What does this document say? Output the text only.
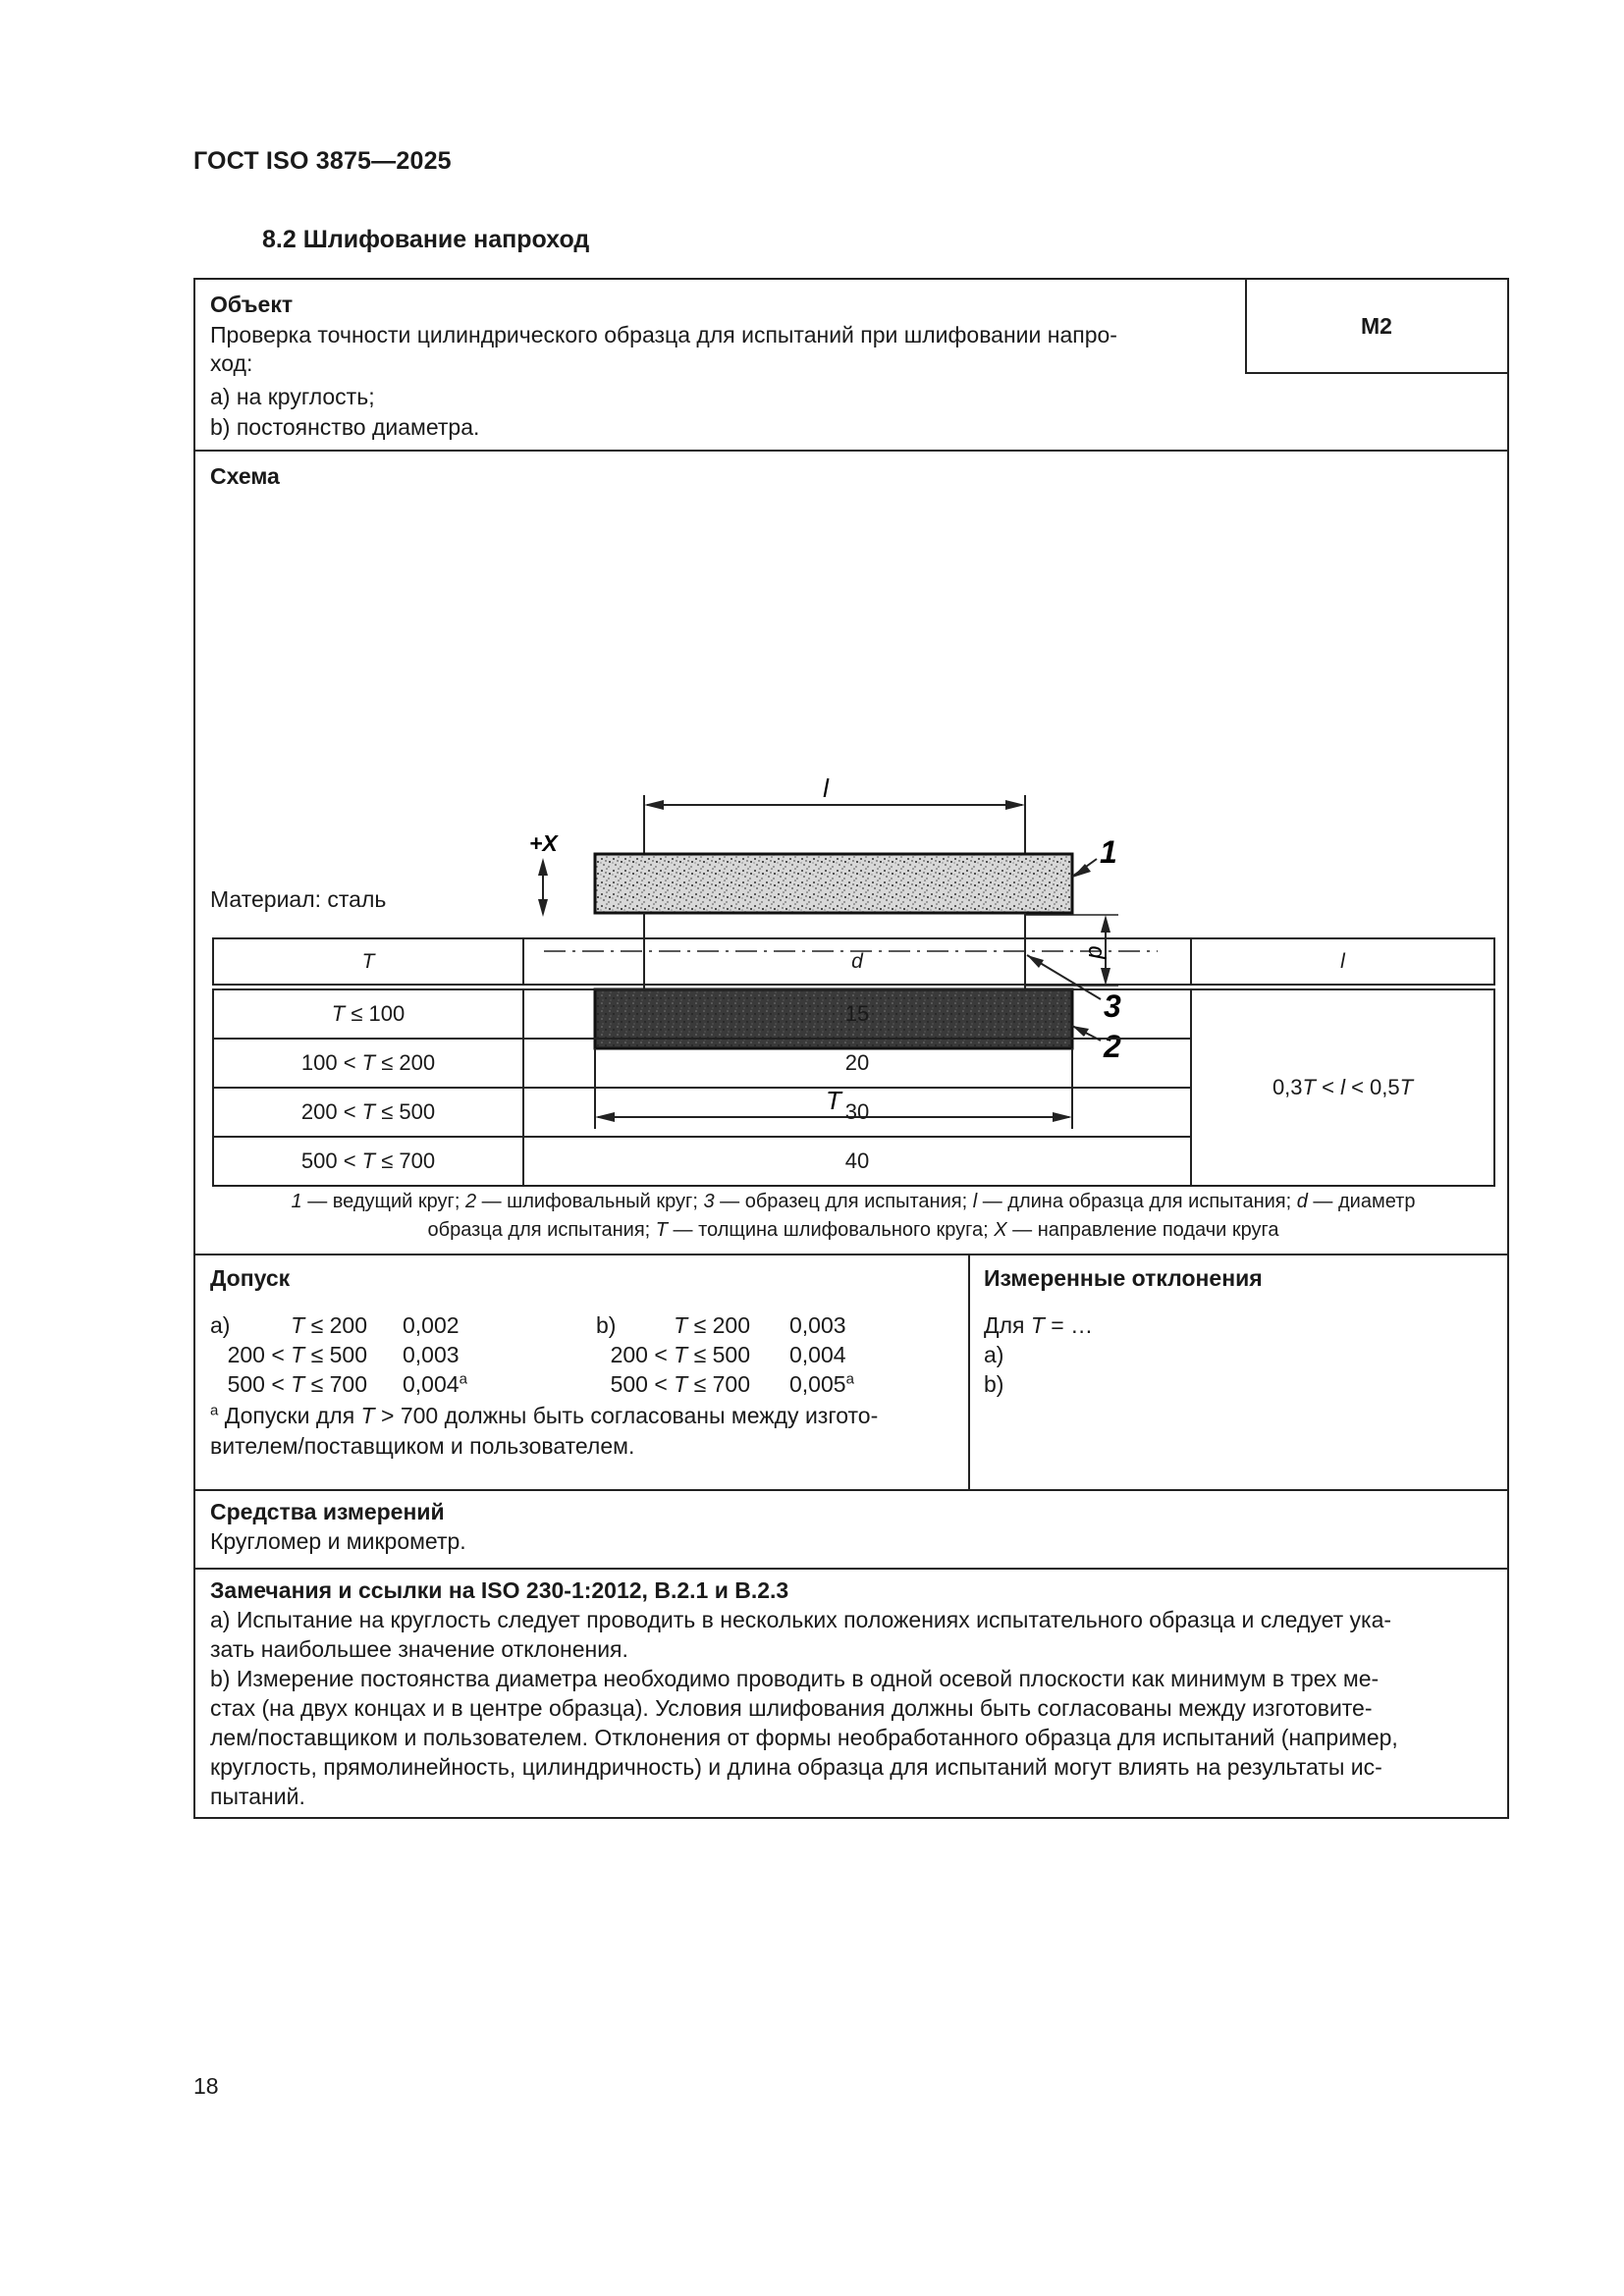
ГОСТ ISO 3875—2025
8.2 Шлифование напроход
Объект
Проверка точности цилиндрического образца для испытаний при шлифовании напро-
ход:
a) на круглость;
b) постоянство диаметра.
M2
Схема
l
+X
d
1
3
2
T
Материал: сталь
T	d	l

T ≤ 100	15	0,3T < l < 0,5T
100 < T ≤ 200	20	
200 < T ≤ 500	30	
500 < T ≤ 700	40	
1 — ведущий круг; 2 — шлифовальный круг; 3 — образец для испытания; l — длина образца для испытания; d — диаметр
образца для испытания; T — толщина шлифовального круга; X — направление подачи круга
Допуск
a)	T ≤ 200 0,002
200 < T ≤ 500 0,003
500 < T ≤ 700 0,004$^a$
b)	T ≤ 200 0,003
200 < T ≤ 500 0,004
500 < T ≤ 700 0,005$^a$
$^a$ Допуски для T > 700 должны быть согласованы между изгото-
вителем/поставщиком и пользователем.
Измеренные отклонения
Для T = …
a)
b)
Средства измерений
Кругломер и микрометр.
Замечания и ссылки на ISO 230-1:2012, B.2.1 и B.2.3
a) Испытание на круглость следует проводить в нескольких положениях испытательного образца и следует ука-
зать наибольшее значение отклонения.
b) Измерение постоянства диаметра необходимо проводить в одной осевой плоскости как минимум в трех ме-
стах (на двух концах и в центре образца). Условия шлифования должны быть согласованы между изготовите-
лем/поставщиком и пользователем. Отклонения от формы необработанного образца для испытаний (например,
круглость, прямолинейность, цилиндричность) и длина образца для испытаний могут влиять на результаты ис-
пытаний.
18
